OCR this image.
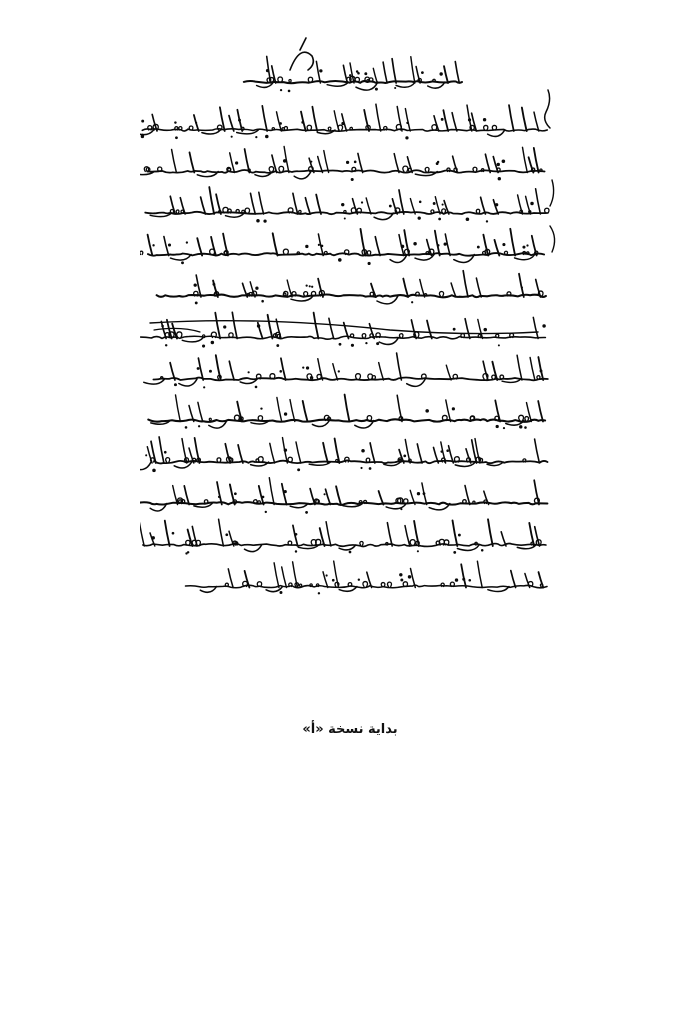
بداية نسخة «أ»
